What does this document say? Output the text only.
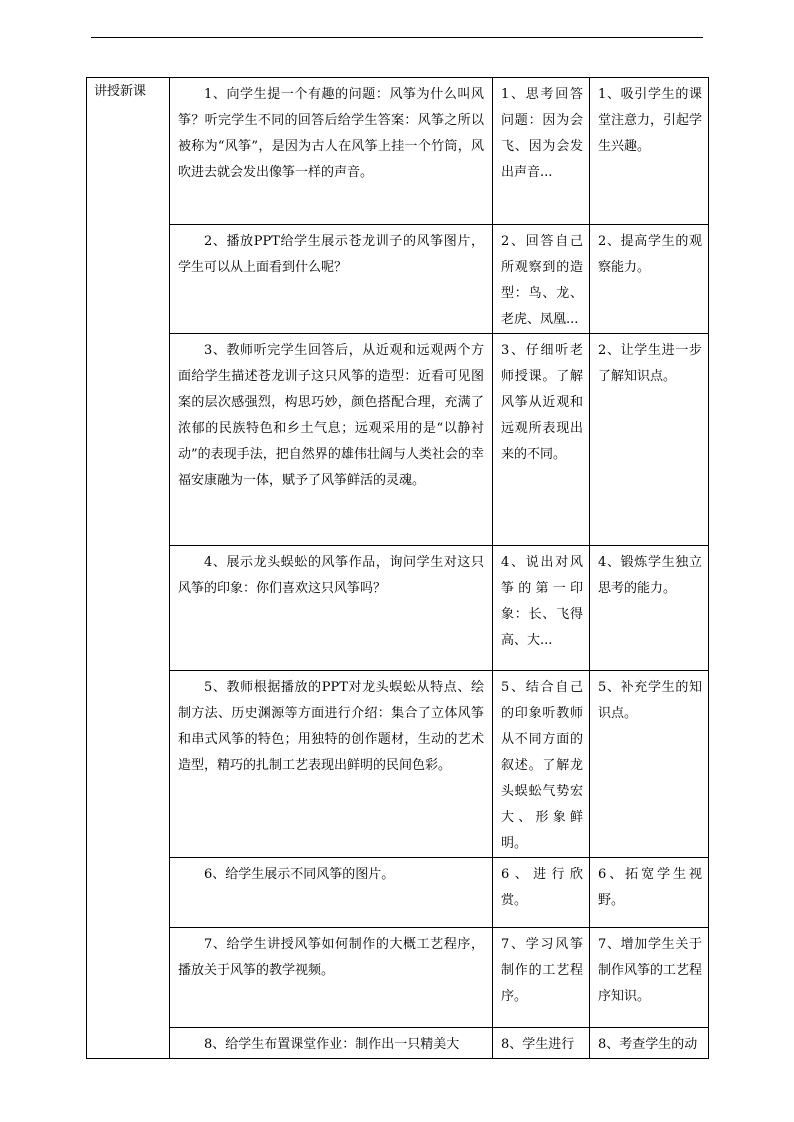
讲授新课	1、向学生提一个有趣的问题：风筝为什么叫风筝？听完学生不同的回答后给学生答案：风筝之所以被称为“风筝”，是因为古人在风筝上挂一个竹筒，风吹进去就会发出像筝一样的声音。	1、思考回答问题：因为会飞、因为会发出声音...	1、吸引学生的课堂注意力，引起学生兴趣。

	2、播放PPT给学生展示苍龙训子的风筝图片，学生可以从上面看到什么呢？	2、回答自己所观察到的造型：鸟、龙、老虎、凤凰...	2、提高学生的观察能力。

	3、教师听完学生回答后，从近观和远观两个方面给学生描述苍龙训子这只风筝的造型：近看可见图案的层次感强烈，构思巧妙，颜色搭配合理，充满了浓郁的民族特色和乡土气息；远观采用的是“以静衬动”的表现手法，把自然界的雄伟壮阔与人类社会的幸福安康融为一体，赋予了风筝鲜活的灵魂。	3、仔细听老师授课。了解风筝从近观和远观所表现出来的不同。	2、让学生进一步了解知识点。

	4、展示龙头蜈蚣的风筝作品，询问学生对这只风筝的印象：你们喜欢这只风筝吗？	4、说出对风筝的第一印象：长、飞得高、大...	4、锻炼学生独立思考的能力。

	5、教师根据播放的PPT对龙头蜈蚣从特点、绘制方法、历史渊源等方面进行介绍：集合了立体风筝和串式风筝的特色；用独特的创作题材，生动的艺术造型，精巧的扎制工艺表现出鲜明的民间色彩。	5、结合自己的印象听教师从不同方面的叙述。了解龙头蜈蚣气势宏大、形象鲜明。	5、补充学生的知识点。

	6、给学生展示不同风筝的图片。	6、进行欣赏。	6、拓宽学生视野。

	7、给学生讲授风筝如何制作的大概工艺程序，播放关于风筝的教学视频。	7、学习风筝制作的工艺程序。	7、增加学生关于制作风筝的工艺程序知识。

	8、给学生布置课堂作业：制作出一只精美大	8、学生进行	8、考查学生的动
